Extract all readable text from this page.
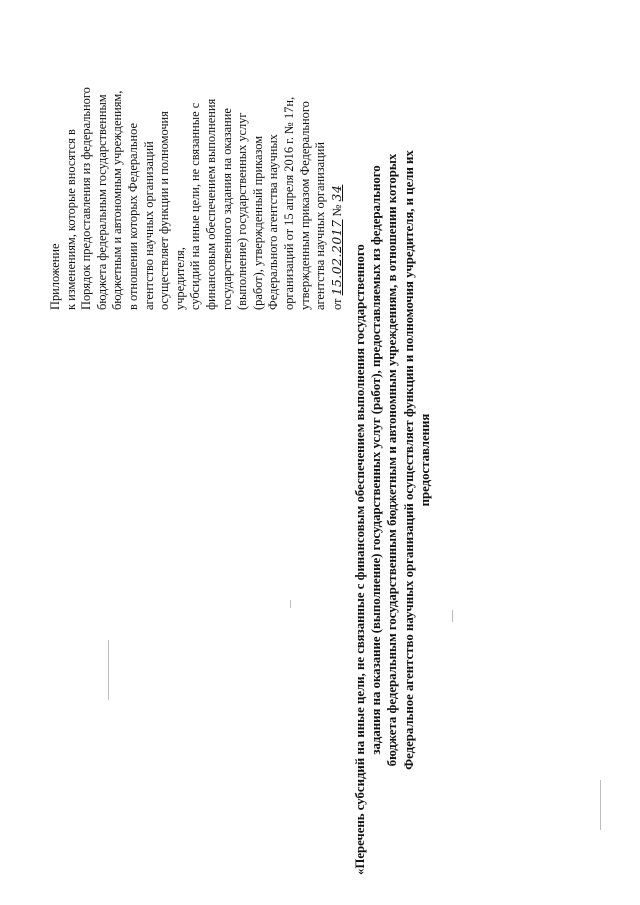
Приложение к изменениям, которые вносятся в Порядок предоставления из федерального бюджета федеральным государственным бюджетным и автономным учреждениям, в отношении которых Федеральное агентство научных организаций осуществляет функции и полномочия учредителя, субсидий на иные цели, не связанные с финансовым обеспечением выполнения государственного задания на оказание (выполнение) государственных услуг (работ), утвержденный приказом Федерального агентства научных организаций от 15 апреля 2016 г. № 17н, утвержденным приказом Федерального агентства научных организаций от 15.02.2017 № 34
«Перечень субсидий на иные цели, не связанные с финансовым обеспечением выполнения государственного задания на оказание (выполнение) государственных услуг (работ), предоставляемых из федерального бюджета федеральным государственным бюджетным и автономным учреждениям, в отношении которых Федеральное агентство научных организаций осуществляет функции и полномочия учредителя, и цели их предоставления
